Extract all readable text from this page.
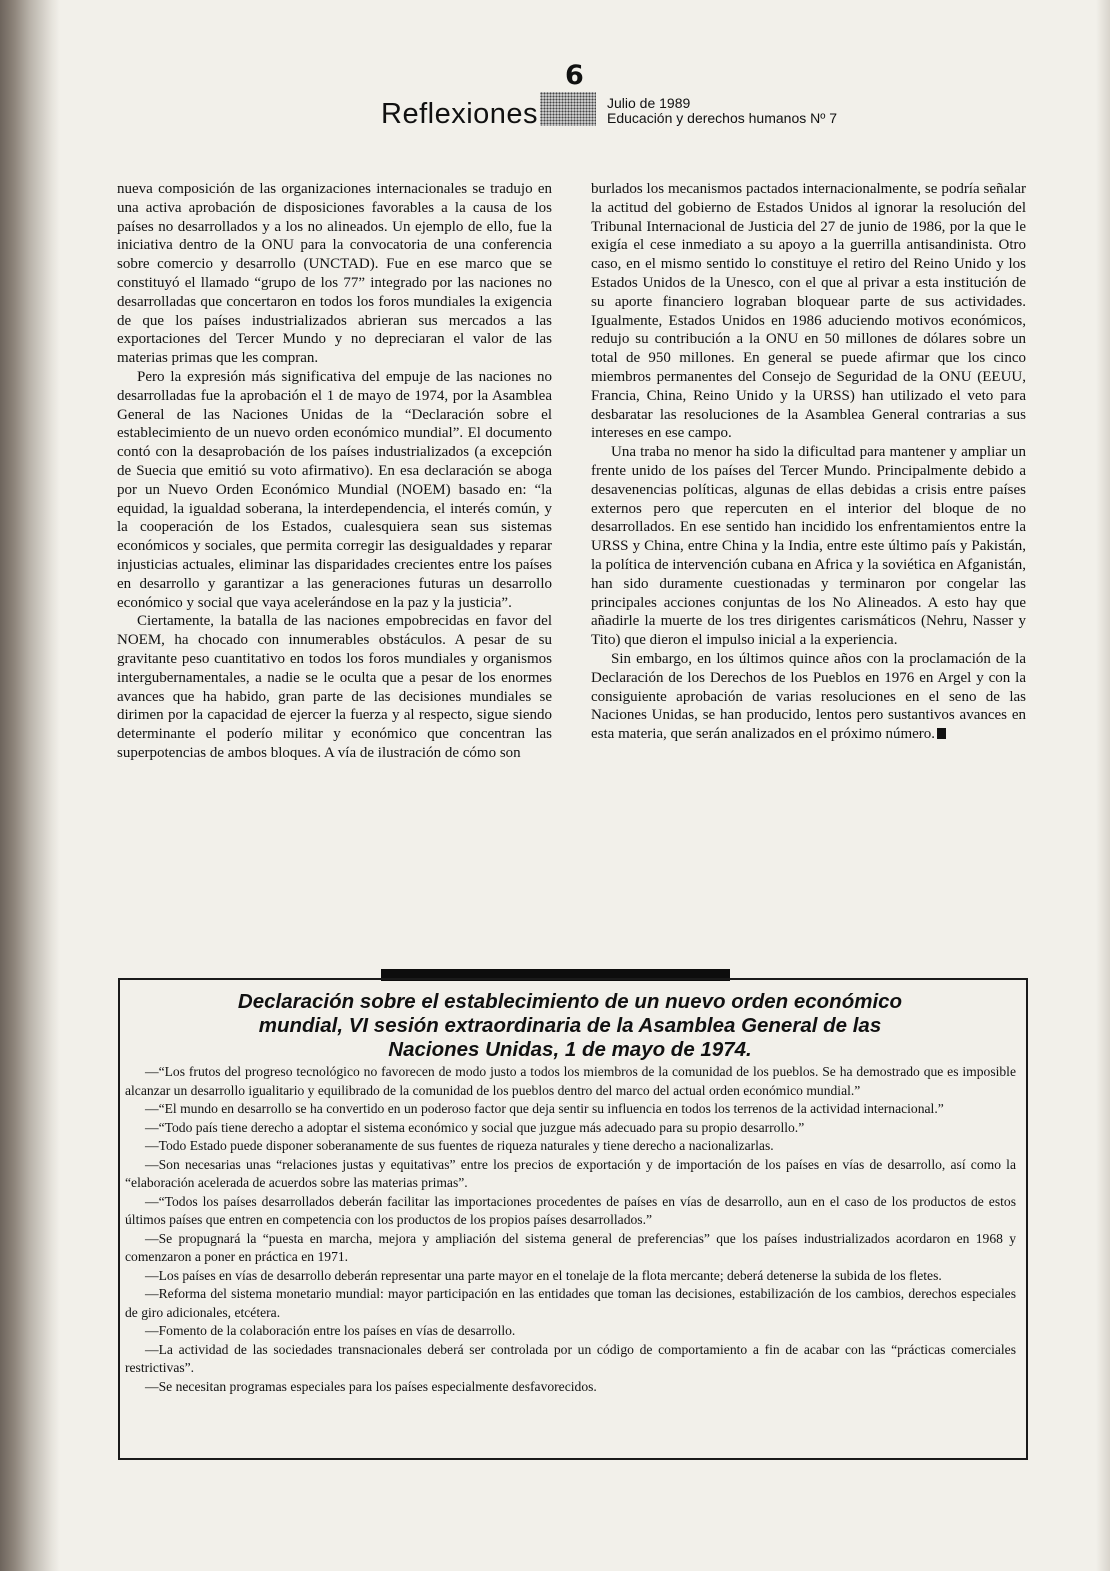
6
Reflexiones	Julio de 1989
Educación y derechos humanos Nº 7

nueva composición de las organizaciones internacionales se tradujo en una activa aprobación de disposiciones favorables a la causa de los países no desarrollados y a los no alineados. Un ejemplo de ello, fue la iniciativa dentro de la ONU para la convocatoria de una conferencia sobre comercio y desarrollo (UNCTAD). Fue en ese marco que se constituyó el llamado “grupo de los 77” integrado por las naciones no desarrolladas que concertaron en todos los foros mundiales la exigencia de que los países industrializados abrieran sus mercados a las exportaciones del Tercer Mundo y no depreciaran el valor de las materias primas que les compran.

Pero la expresión más significativa del empuje de las naciones no desarrolladas fue la aprobación el 1 de mayo de 1974, por la Asamblea General de las Naciones Unidas de la “Declaración sobre el establecimiento de un nuevo orden económico mundial”. El documento contó con la desaprobación de los países industrializados (a excepción de Suecia que emitió su voto afirmativo). En esa declaración se aboga por un Nuevo Orden Económico Mundial (NOEM) basado en: “la equidad, la igualdad soberana, la interdependencia, el interés común, y la cooperación de los Estados, cualesquiera sean sus sistemas económicos y sociales, que permita corregir las desigualdades y reparar injusticias actuales, eliminar las disparidades crecientes entre los países en desarrollo y garantizar a las generaciones futuras un desarrollo económico y social que vaya acelerándose en la paz y la justicia”.

Ciertamente, la batalla de las naciones empobrecidas en favor del NOEM, ha chocado con innumerables obstáculos. A pesar de su gravitante peso cuantitativo en todos los foros mundiales y organismos intergubernamentales, a nadie se le oculta que a pesar de los enormes avances que ha habido, gran parte de las decisiones mundiales se dirimen por la capacidad de ejercer la fuerza y al respecto, sigue siendo determinante el poderío militar y económico que concentran las superpotencias de ambos bloques. A vía de ilustración de cómo son

burlados los mecanismos pactados internacionalmente, se podría señalar la actitud del gobierno de Estados Unidos al ignorar la resolución del Tribunal Internacional de Justicia del 27 de junio de 1986, por la que le exigía el cese inmediato a su apoyo a la guerrilla antisandinista. Otro caso, en el mismo sentido lo constituye el retiro del Reino Unido y los Estados Unidos de la Unesco, con el que al privar a esta institución de su aporte financiero lograban bloquear parte de sus actividades. Igualmente, Estados Unidos en 1986 aduciendo motivos económicos, redujo su contribución a la ONU en 50 millones de dólares sobre un total de 950 millones. En general se puede afirmar que los cinco miembros permanentes del Consejo de Seguridad de la ONU (EEUU, Francia, China, Reino Unido y la URSS) han utilizado el veto para desbaratar las resoluciones de la Asamblea General contrarias a sus intereses en ese campo.

Una traba no menor ha sido la dificultad para mantener y ampliar un frente unido de los países del Tercer Mundo. Principalmente debido a desavenencias políticas, algunas de ellas debidas a crisis entre países externos pero que repercuten en el interior del bloque de no desarrollados. En ese sentido han incidido los enfrentamientos entre la URSS y China, entre China y la India, entre este último país y Pakistán, la política de intervención cubana en Africa y la soviética en Afganistán, han sido duramente cuestionadas y terminaron por congelar las principales acciones conjuntas de los No Alineados. A esto hay que añadirle la muerte de los tres dirigentes carismáticos (Nehru, Nasser y Tito) que dieron el impulso inicial a la experiencia.

Sin embargo, en los últimos quince años con la proclamación de la Declaración de los Derechos de los Pueblos en 1976 en Argel y con la consiguiente aprobación de varias resoluciones en el seno de las Naciones Unidas, se han producido, lentos pero sustantivos avances en esta materia, que serán analizados en el próximo número.

Declaración sobre el establecimiento de un nuevo orden económico
mundial, VI sesión extraordinaria de la Asamblea General de las
Naciones Unidas, 1 de mayo de 1974.

—“Los frutos del progreso tecnológico no favorecen de modo justo a todos los miembros de la comunidad de los pueblos. Se ha demostrado que es imposible alcanzar un desarrollo igualitario y equilibrado de la comunidad de los pueblos dentro del marco del actual orden económico mundial.”

—“El mundo en desarrollo se ha convertido en un poderoso factor que deja sentir su influencia en todos los terrenos de la actividad internacional.”

—“Todo país tiene derecho a adoptar el sistema económico y social que juzgue más adecuado para su propio desarrollo.”

—Todo Estado puede disponer soberanamente de sus fuentes de riqueza naturales y tiene derecho a nacionalizarlas.

—Son necesarias unas “relaciones justas y equitativas” entre los precios de exportación y de importación de los países en vías de desarrollo, así como la “elaboración acelerada de acuerdos sobre las materias primas”.

—“Todos los países desarrollados deberán facilitar las importaciones procedentes de países en vías de desarrollo, aun en el caso de los productos de estos últimos países que entren en competencia con los productos de los propios países desarrollados.”

—Se propugnará la “puesta en marcha, mejora y ampliación del sistema general de preferencias” que los países industrializados acordaron en 1968 y comenzaron a poner en práctica en 1971.

—Los países en vías de desarrollo deberán representar una parte mayor en el tonelaje de la flota mercante; deberá detenerse la subida de los fletes.

—Reforma del sistema monetario mundial: mayor participación en las entidades que toman las decisiones, estabilización de los cambios, derechos especiales de giro adicionales, etcétera.

—Fomento de la colaboración entre los países en vías de desarrollo.

—La actividad de las sociedades transnacionales deberá ser controlada por un código de comportamiento a fin de acabar con las “prácticas comerciales restrictivas”.

—Se necesitan programas especiales para los países especialmente desfavorecidos.
